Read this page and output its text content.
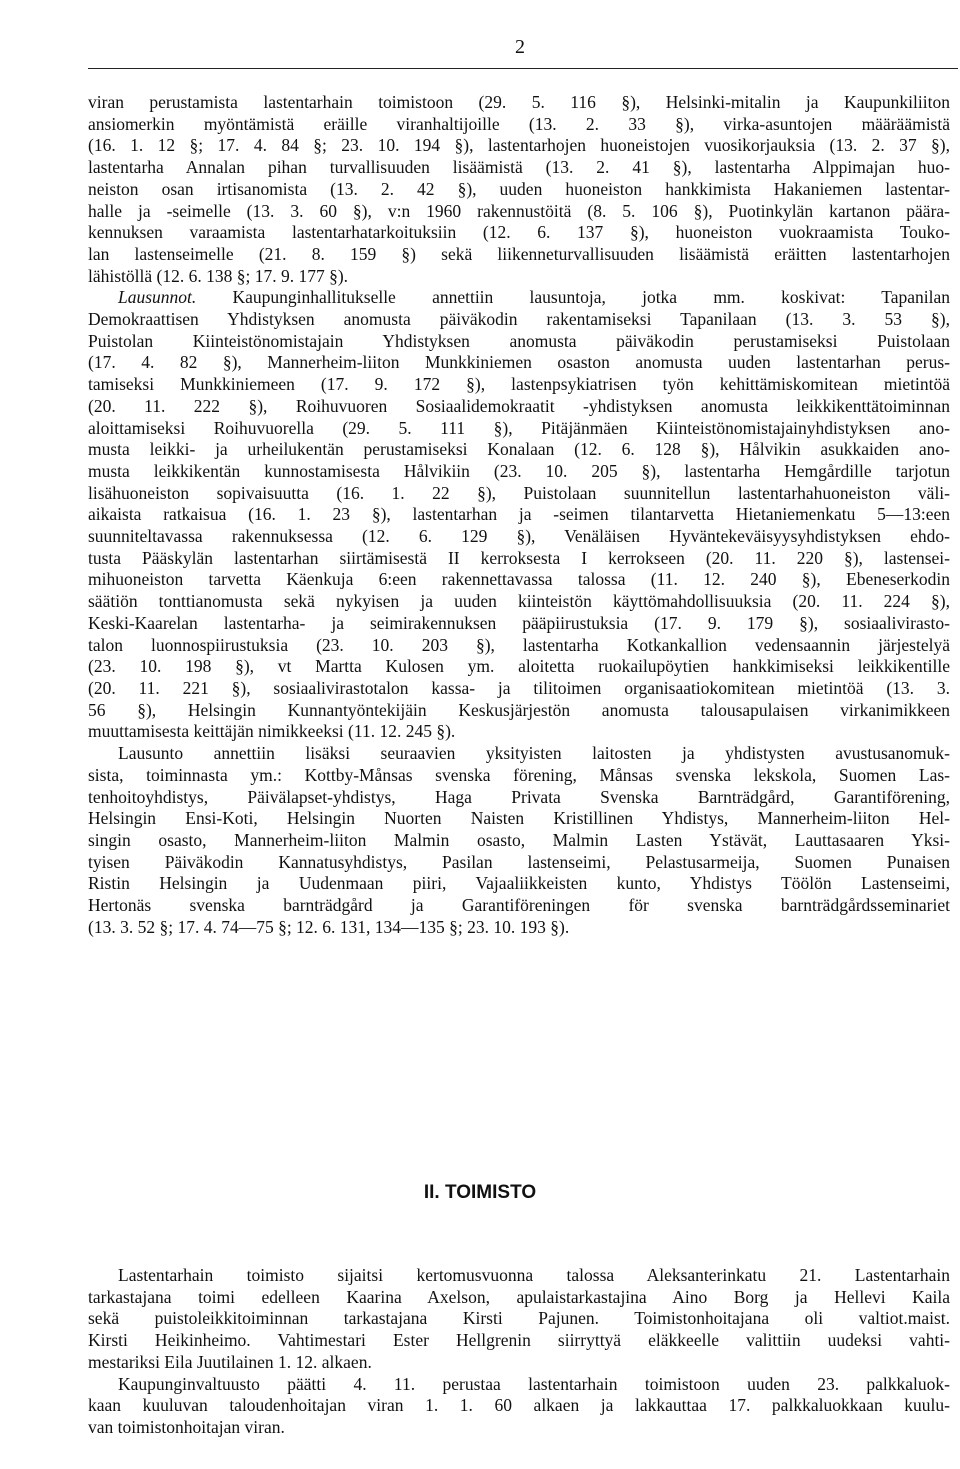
2
viran perustamista lastentarhain toimistoon (29. 5. 116 §), Helsinki-mitalin ja Kaupunkiliiton
ansiomerkin myöntämistä eräille viranhaltijoille (13. 2. 33 §), virka-asuntojen määräämistä
(16. 1. 12 §; 17. 4. 84 §; 23. 10. 194 §), lastentarhojen huoneistojen vuosikorjauksia (13. 2. 37 §),
lastentarha Annalan pihan turvallisuuden lisäämistä (13. 2. 41 §), lastentarha Alppimajan huo-
neiston osan irtisanomista (13. 2. 42 §), uuden huoneiston hankkimista Hakaniemen lastentar-
halle ja -seimelle (13. 3. 60 §), v:n 1960 rakennustöitä (8. 5. 106 §), Puotinkylän kartanon päära-
kennuksen varaamista lastentarhatarkoituksiin (12. 6. 137 §), huoneiston vuokraamista Touko-
lan lastenseimelle (21. 8. 159 §) sekä liikenneturvallisuuden lisäämistä eräitten lastentarhojen
lähistöllä (12. 6. 138 §; 17. 9. 177 §).
Lausunnot. Kaupunginhallitukselle annettiin lausuntoja, jotka mm. koskivat: Tapanilan
Demokraattisen Yhdistyksen anomusta päiväkodin rakentamiseksi Tapanilaan (13. 3. 53 §),
Puistolan Kiinteistönomistajain Yhdistyksen anomusta päiväkodin perustamiseksi Puistolaan
(17. 4. 82 §), Mannerheim-liiton Munkkiniemen osaston anomusta uuden lastentarhan perus-
tamiseksi Munkkiniemeen (17. 9. 172 §), lastenpsykiatrisen työn kehittämiskomitean mietintöä
(20. 11. 222 §), Roihuvuoren Sosiaalidemokraatit -yhdistyksen anomusta leikkikenttätoiminnan
aloittamiseksi Roihuvuorella (29. 5. 111 §), Pitäjänmäen Kiinteistönomistajainyhdistyksen ano-
musta leikki- ja urheilukentän perustamiseksi Konalaan (12. 6. 128 §), Hålvikin asukkaiden ano-
musta leikkikentän kunnostamisesta Hålvikiin (23. 10. 205 §), lastentarha Hemgårdille tarjotun
lisähuoneiston sopivaisuutta (16. 1. 22 §), Puistolaan suunnitellun lastentarhahuoneiston väli-
aikaista ratkaisua (16. 1. 23 §), lastentarhan ja -seimen tilantarvetta Hietaniemenkatu 5—13:een
suunniteltavassa rakennuksessa (12. 6. 129 §), Venäläisen Hyväntekeväisyysyhdistyksen ehdo-
tusta Pääskylän lastentarhan siirtämisestä II kerroksesta I kerrokseen (20. 11. 220 §), lastensei-
mihuoneiston tarvetta Käenkuja 6:een rakennettavassa talossa (11. 12. 240 §), Ebeneserkodin
säätiön tonttianomusta sekä nykyisen ja uuden kiinteistön käyttömahdollisuuksia (20. 11. 224 §),
Keski-Kaarelan lastentarha- ja seimirakennuksen pääpiirustuksia (17. 9. 179 §), sosiaalivirasto-
talon luonnospiirustuksia (23. 10. 203 §), lastentarha Kotkankallion vedensaannin järjestelyä
(23. 10. 198 §), vt Martta Kulosen ym. aloitetta ruokailupöytien hankkimiseksi leikkikentille
(20. 11. 221 §), sosiaalivirastotalon kassa- ja tilitoimen organisaatiokomitean mietintöä (13. 3.
56 §), Helsingin Kunnantyöntekijäin Keskusjärjestön anomusta talousapulaisen virkanimikkeen
muuttamisesta keittäjän nimikkeeksi (11. 12. 245 §).
Lausunto annettiin lisäksi seuraavien yksityisten laitosten ja yhdistysten avustusanomuk-
sista, toiminnasta ym.: Kottby-Månsas svenska förening, Månsas svenska lekskola, Suomen Las-
tenhoitoyhdistys, Päivälapset-yhdistys, Haga Privata Svenska Barnträdgård, Garantiförening,
Helsingin Ensi-Koti, Helsingin Nuorten Naisten Kristillinen Yhdistys, Mannerheim-liiton Hel-
singin osasto, Mannerheim-liiton Malmin osasto, Malmin Lasten Ystävät, Lauttasaaren Yksi-
tyisen Päiväkodin Kannatusyhdistys, Pasilan lastenseimi, Pelastusarmeija, Suomen Punaisen
Ristin Helsingin ja Uudenmaan piiri, Vajaaliikkeisten kunto, Yhdistys Töölön Lastenseimi,
Hertonäs svenska barnträdgård ja Garantiföreningen för svenska barnträdgårdsseminariet
(13. 3. 52 §; 17. 4. 74—75 §; 12. 6. 131, 134—135 §; 23. 10. 193 §).
II. TOIMISTO
Lastentarhain toimisto sijaitsi kertomusvuonna talossa Aleksanterinkatu 21. Lastentarhain
tarkastajana toimi edelleen Kaarina Axelson, apulaistarkastajina Aino Borg ja Hellevi Kaila
sekä puistoleikkitoiminnan tarkastajana Kirsti Pajunen. Toimistonhoitajana oli valtiot.maist.
Kirsti Heikinheimo. Vahtimestari Ester Hellgrenin siirryttyä eläkkeelle valittiin uudeksi vahti-
mestariksi Eila Juutilainen 1. 12. alkaen.
Kaupunginvaltuusto päätti 4. 11. perustaa lastentarhain toimistoon uuden 23. palkkaluok-
kaan kuuluvan taloudenhoitajan viran 1. 1. 60 alkaen ja lakkauttaa 17. palkkaluokkaan kuulu-
van toimistonhoitajan viran.
